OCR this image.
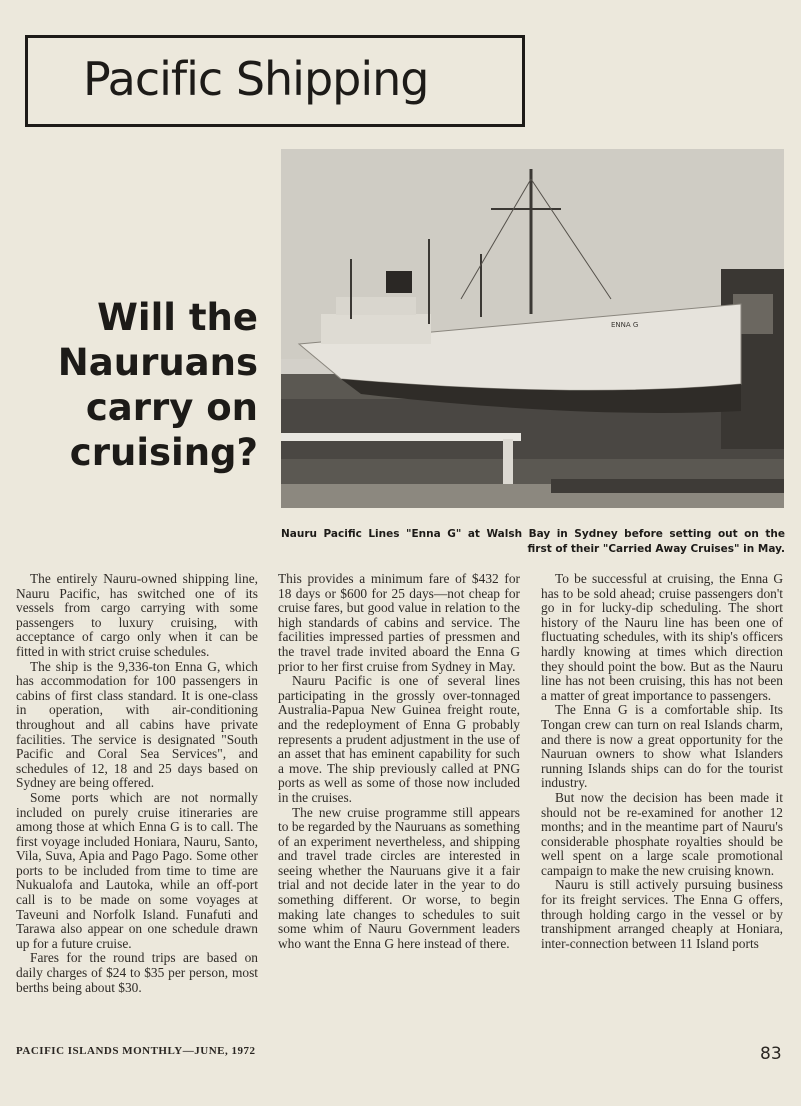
Pacific Shipping
Will the
Nauruans
carry on
cruising?
ENNA G
Nauru Pacific Lines "Enna G" at Walsh Bay in Sydney before setting out on the
first of their "Carried Away Cruises" in May.

The entirely Nauru-owned shipping line, Nauru Pacific, has switched one of its vessels from cargo carrying with some passengers to luxury cruising, with acceptance of cargo only when it can be fitted in with strict cruise schedules.

The ship is the 9,336-ton Enna G, which has accommodation for 100 passengers in cabins of first class standard. It is one-class in operation, with air-conditioning throughout and all cabins have private facilities. The service is designated "South Pacific and Coral Sea Services", and schedules of 12, 18 and 25 days based on Sydney are being offered.

Some ports which are not normally included on purely cruise itineraries are among those at which Enna G is to call. The first voyage included Honiara, Nauru, Santo, Vila, Suva, Apia and Pago Pago. Some other ports to be included from time to time are Nukualofa and Lautoka, while an off-port call is to be made on some voyages at Taveuni and Norfolk Island. Funafuti and Tarawa also appear on one schedule drawn up for a future cruise.

Fares for the round trips are based on daily charges of $24 to $35 per person, most berths being about $30.

This provides a minimum fare of $432 for 18 days or $600 for 25 days—not cheap for cruise fares, but good value in relation to the high standards of cabins and service. The facilities impressed parties of pressmen and the travel trade invited aboard the Enna G prior to her first cruise from Sydney in May.

Nauru Pacific is one of several lines participating in the grossly over-tonnaged Australia-Papua New Guinea freight route, and the redeployment of Enna G probably represents a prudent adjustment in the use of an asset that has eminent capability for such a move. The ship previously called at PNG ports as well as some of those now included in the cruises.

The new cruise programme still appears to be regarded by the Nauruans as something of an experiment nevertheless, and shipping and travel trade circles are interested in seeing whether the Nauruans give it a fair trial and not decide later in the year to do something different. Or worse, to begin making late changes to schedules to suit some whim of Nauru Government leaders who want the Enna G here instead of there.

To be successful at cruising, the Enna G has to be sold ahead; cruise passengers don't go in for lucky-dip scheduling. The short history of the Nauru line has been one of fluctuating schedules, with its ship's officers hardly knowing at times which direction they should point the bow. But as the Nauru line has not been cruising, this has not been a matter of great importance to passengers.

The Enna G is a comfortable ship. Its Tongan crew can turn on real Islands charm, and there is now a great opportunity for the Nauruan owners to show what Islanders running Islands ships can do for the tourist industry.

But now the decision has been made it should not be re-examined for another 12 months; and in the meantime part of Nauru's considerable phosphate royalties should be well spent on a large scale promotional campaign to make the new cruising known.

Nauru is still actively pursuing business for its freight services. The Enna G offers, through holding cargo in the vessel or by transhipment arranged cheaply at Honiara, inter-connection between 11 Island ports

PACIFIC ISLANDS MONTHLY—JUNE, 1972	83
